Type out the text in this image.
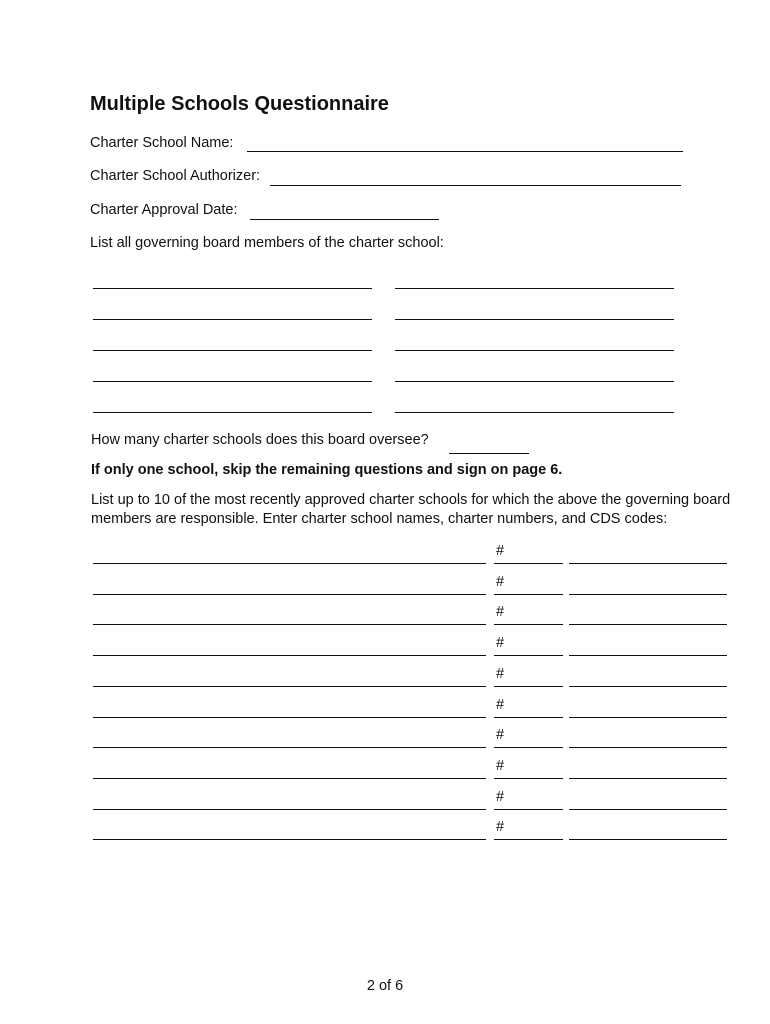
Multiple Schools Questionnaire
Charter School Name:
Charter School Authorizer:
Charter Approval Date:
List all governing board members of the charter school:
How many charter schools does this board oversee?
If only one school, skip the remaining questions and sign on page 6.
List up to 10 of the most recently approved charter schools for which the above the governing board members are responsible. Enter charter school names, charter numbers, and CDS codes:
#
#
#
#
#
#
#
#
#
#
2 of 6
